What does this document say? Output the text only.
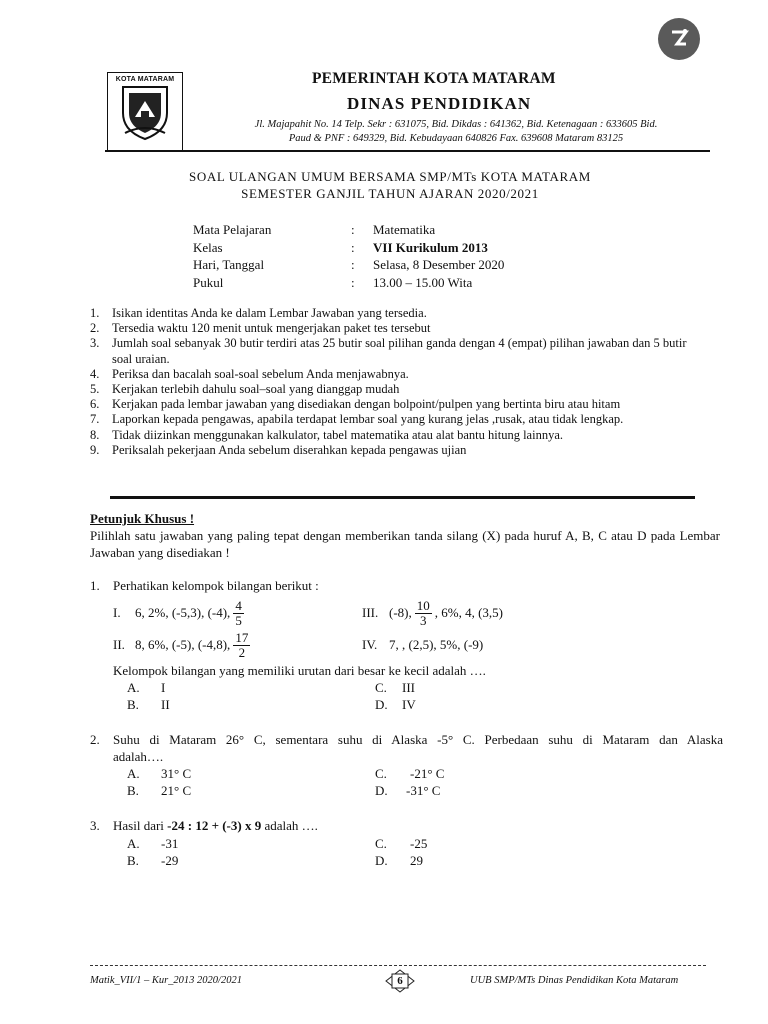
KOTA MATARAM	PEMERINTAH KOTA MATARAM
DINAS PENDIDIKAN
Jl. Majapahit No. 14 Telp. Sekr : 631075, Bid. Dikdas : 641362, Bid. Ketenagaan : 633605 Bid.
Paud & PNF : 649329, Bid. Kebudayaan 640826 Fax. 639608 Mataram 83125
SOAL ULANGAN UMUM BERSAMA SMP/MTs KOTA MATARAM
SEMESTER GANJIL TAHUN AJARAN 2020/2021
Mata Pelajaran	: Matematika
Kelas	: VII Kurikulum 2013
Hari, Tanggal	: Selasa, 8 Desember 2020
Pukul	: 13.00 – 15.00 Wita
1.	Isikan identitas Anda ke dalam Lembar Jawaban yang tersedia.
2.	Tersedia waktu 120 menit untuk mengerjakan paket tes tersebut
3.	Jumlah soal sebanyak 30 butir terdiri atas 25 butir soal pilihan ganda dengan 4 (empat) pilihan jawaban dan 5 butir soal uraian.
4.	Periksa dan bacalah soal-soal sebelum Anda menjawabnya.
5.	Kerjakan terlebih dahulu soal–soal yang dianggap mudah
6.	Kerjakan pada lembar jawaban yang disediakan dengan bolpoint/pulpen yang bertinta biru atau hitam
7.	Laporkan kepada pengawas, apabila terdapat lembar soal yang kurang jelas ,rusak, atau tidak lengkap.
8.	Tidak diizinkan menggunakan kalkulator, tabel matematika atau alat bantu hitung lainnya.
9.	Periksalah pekerjaan Anda sebelum diserahkan kepada pengawas ujian
Petunjuk Khusus !
Pilihlah satu jawaban yang paling tepat dengan memberikan tanda silang (X) pada huruf A, B, C atau D pada Lembar Jawaban yang disediakan !
1. Perhatikan kelompok bilangan berikut :
I.	6, 2%, (-5,3), (-4), $\frac{4}{5}$	III. (-8), $\frac{10}{3}$ , 6%, 4, (3,5)
II. 8, 6%, (-5), (-4,8), $\frac{17}{2}$	IV. 7, , (2,5), 5%, (-9)
Kelompok bilangan yang memiliki urutan dari besar ke kecil adalah ….
A. I
B. II
C. III
D. IV
2. Suhu di Mataram 26° C, sementara suhu di Alaska -5° C. Perbedaan suhu di Mataram dan Alaska
adalah….
A. 31° C
B. 21° C
C. -21° C
D. -31° C
3. Hasil dari -24 : 12 + (-3) x 9 adalah ….
A. -31
B. -29
C. -25
D. 29
Matik_VII/1 – Kur_2013 2020/2021	6	UUB SMP/MTs Dinas Pendidikan Kota Mataram
